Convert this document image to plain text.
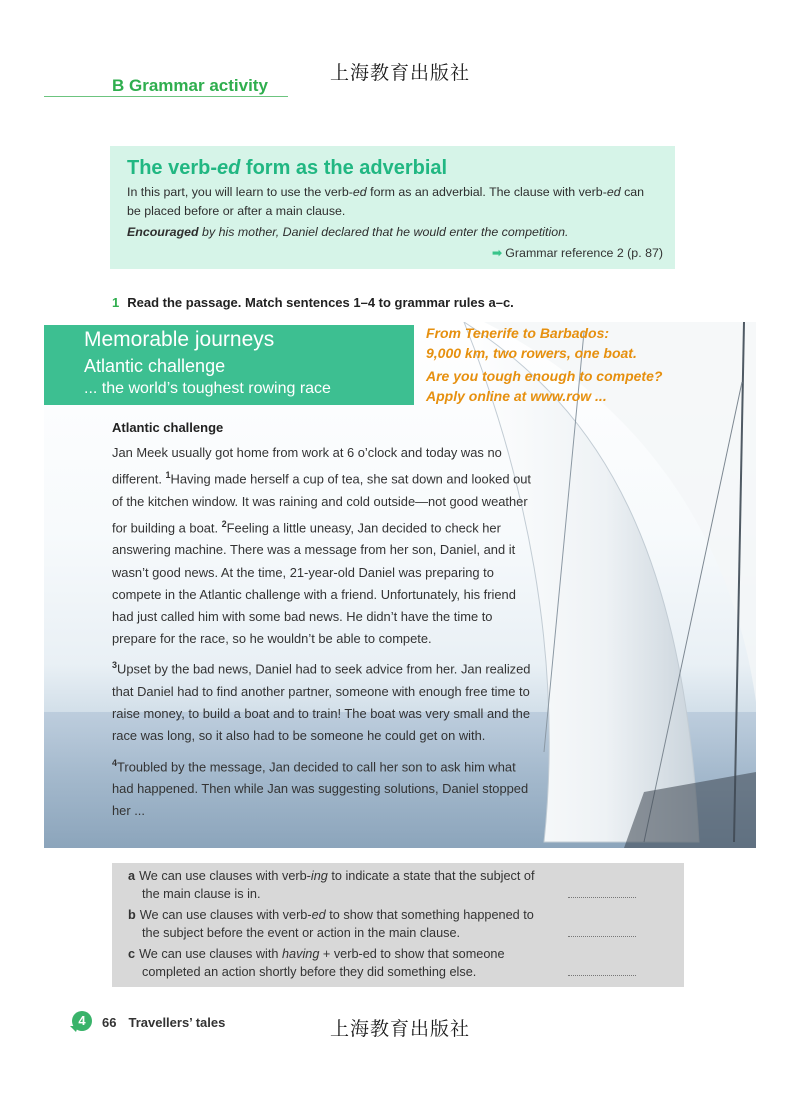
上海教育出版社
B Grammar activity
The verb-ed form as the adverbial
In this part, you will learn to use the verb-ed form as an adverbial. The clause with verb-ed can be placed before or after a main clause.
Encouraged by his mother, Daniel declared that he would enter the competition.
➡ Grammar reference 2 (p. 87)
1 Read the passage. Match sentences 1–4 to grammar rules a–c.
Memorable journeys
Atlantic challenge
... the world’s toughest rowing race
From Tenerife to Barbados:
9,000 km, two rowers, one boat.
Are you tough enough to compete?
Apply online at www.row ...
Atlantic challenge

Jan Meek usually got home from work at 6 o’clock and today was no different. $^1$Having made herself a cup of tea, she sat down and looked out of the kitchen window. It was raining and cold outside—not good weather for building a boat. $^2$Feeling a little uneasy, Jan decided to check her answering machine. There was a message from her son, Daniel, and it wasn’t good news. At the time, 21-year-old Daniel was preparing to compete in the Atlantic challenge with a friend. Unfortunately, his friend had just called him with some bad news. He didn’t have the time to prepare for the race, so he wouldn’t be able to compete.

$^3$Upset by the bad news, Daniel had to seek advice from her. Jan realized that Daniel had to find another partner, someone with enough free time to raise money, to build a boat and to train! The boat was very small and the race was long, so it also had to be someone he could get on with.

$^4$Troubled by the message, Jan decided to call her son to ask him what had happened. Then while Jan was suggesting solutions, Daniel stopped her ...

a We can use clauses with verb-ing to indicate a state that the subject of
the main clause is in.
b We can use clauses with verb-ed to show that something happened to
the subject before the event or action in the main clause.
c We can use clauses with having + verb-ed to show that someone
completed an action shortly before they did something else.
4	66 Travellers’ tales	上海教育出版社
